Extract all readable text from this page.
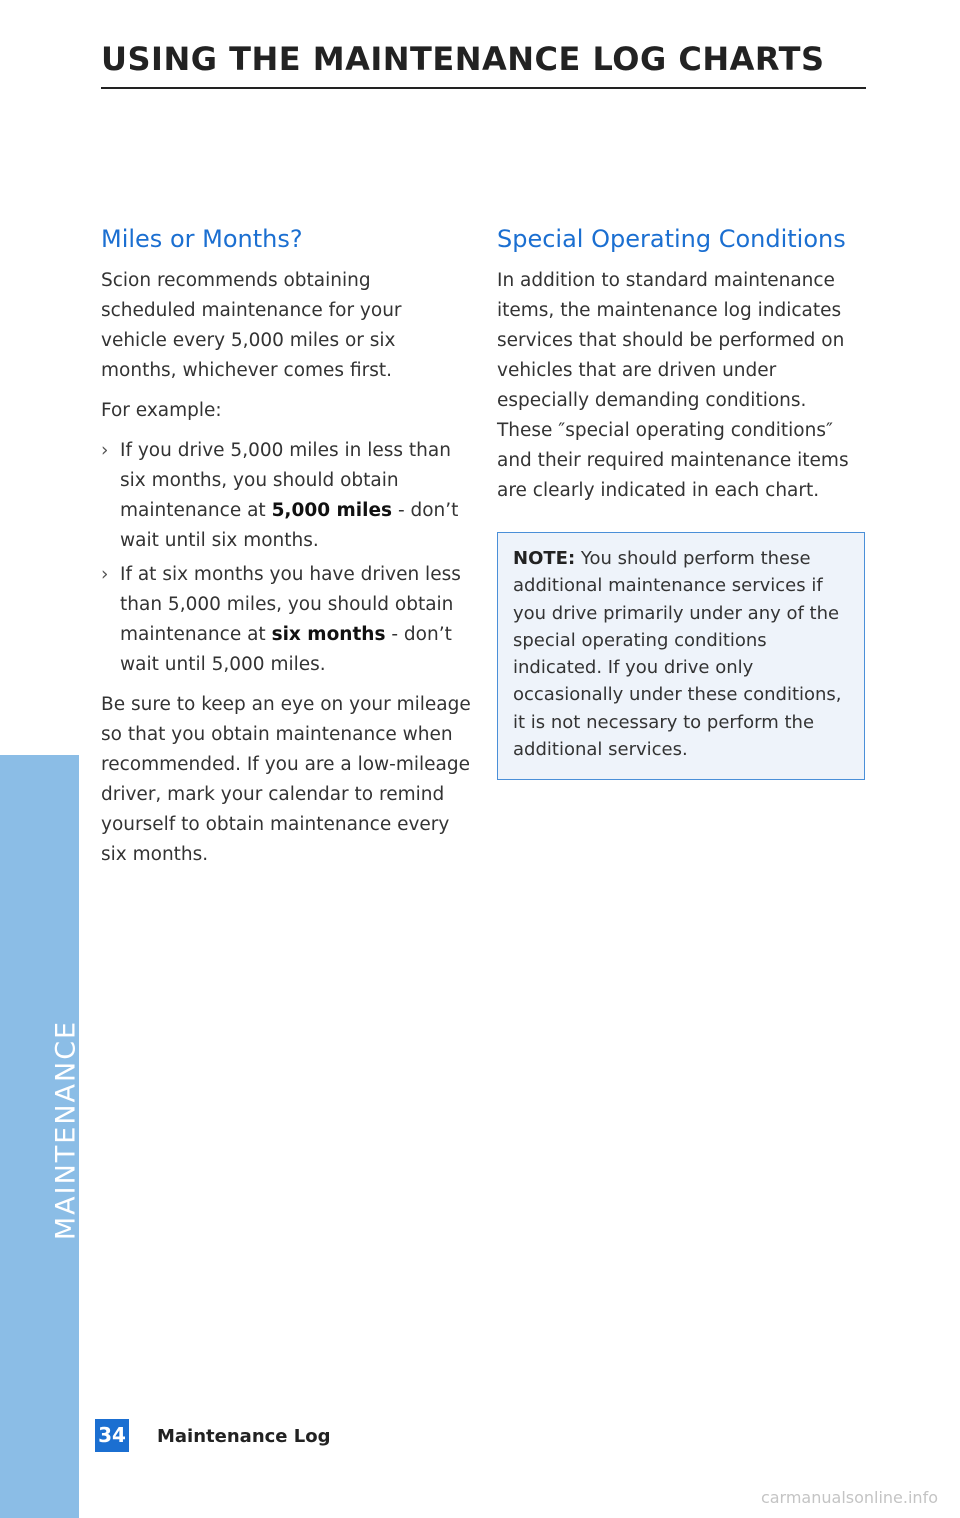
MAINTENANCE
USING THE MAINTENANCE LOG CHARTS
Miles or Months?

Scion recommends obtaining scheduled maintenance for your vehicle every 5,000 miles or six months, whichever comes first.

For example:

› If you drive 5,000 miles in less than six months, you should obtain maintenance at 5,000 miles - don’t wait until six months.
› If at six months you have driven less than 5,000 miles, you should obtain maintenance at six months - don’t wait until 5,000 miles.

Be sure to keep an eye on your mileage so that you obtain maintenance when recommended. If you are a low-mileage driver, mark your calendar to remind yourself to obtain maintenance every six months.

Special Operating Conditions

In addition to standard maintenance items, the maintenance log indicates services that should be performed on vehicles that are driven under especially demanding conditions. These ″special operating conditions″ and their required maintenance items are clearly indicated in each chart.

NOTE: You should perform these additional maintenance services if you drive primarily under any of the special operating conditions indicated. If you drive only occasionally under these conditions, it is not necessary to perform the additional services.
34 Maintenance Log
carmanualsonline.info
